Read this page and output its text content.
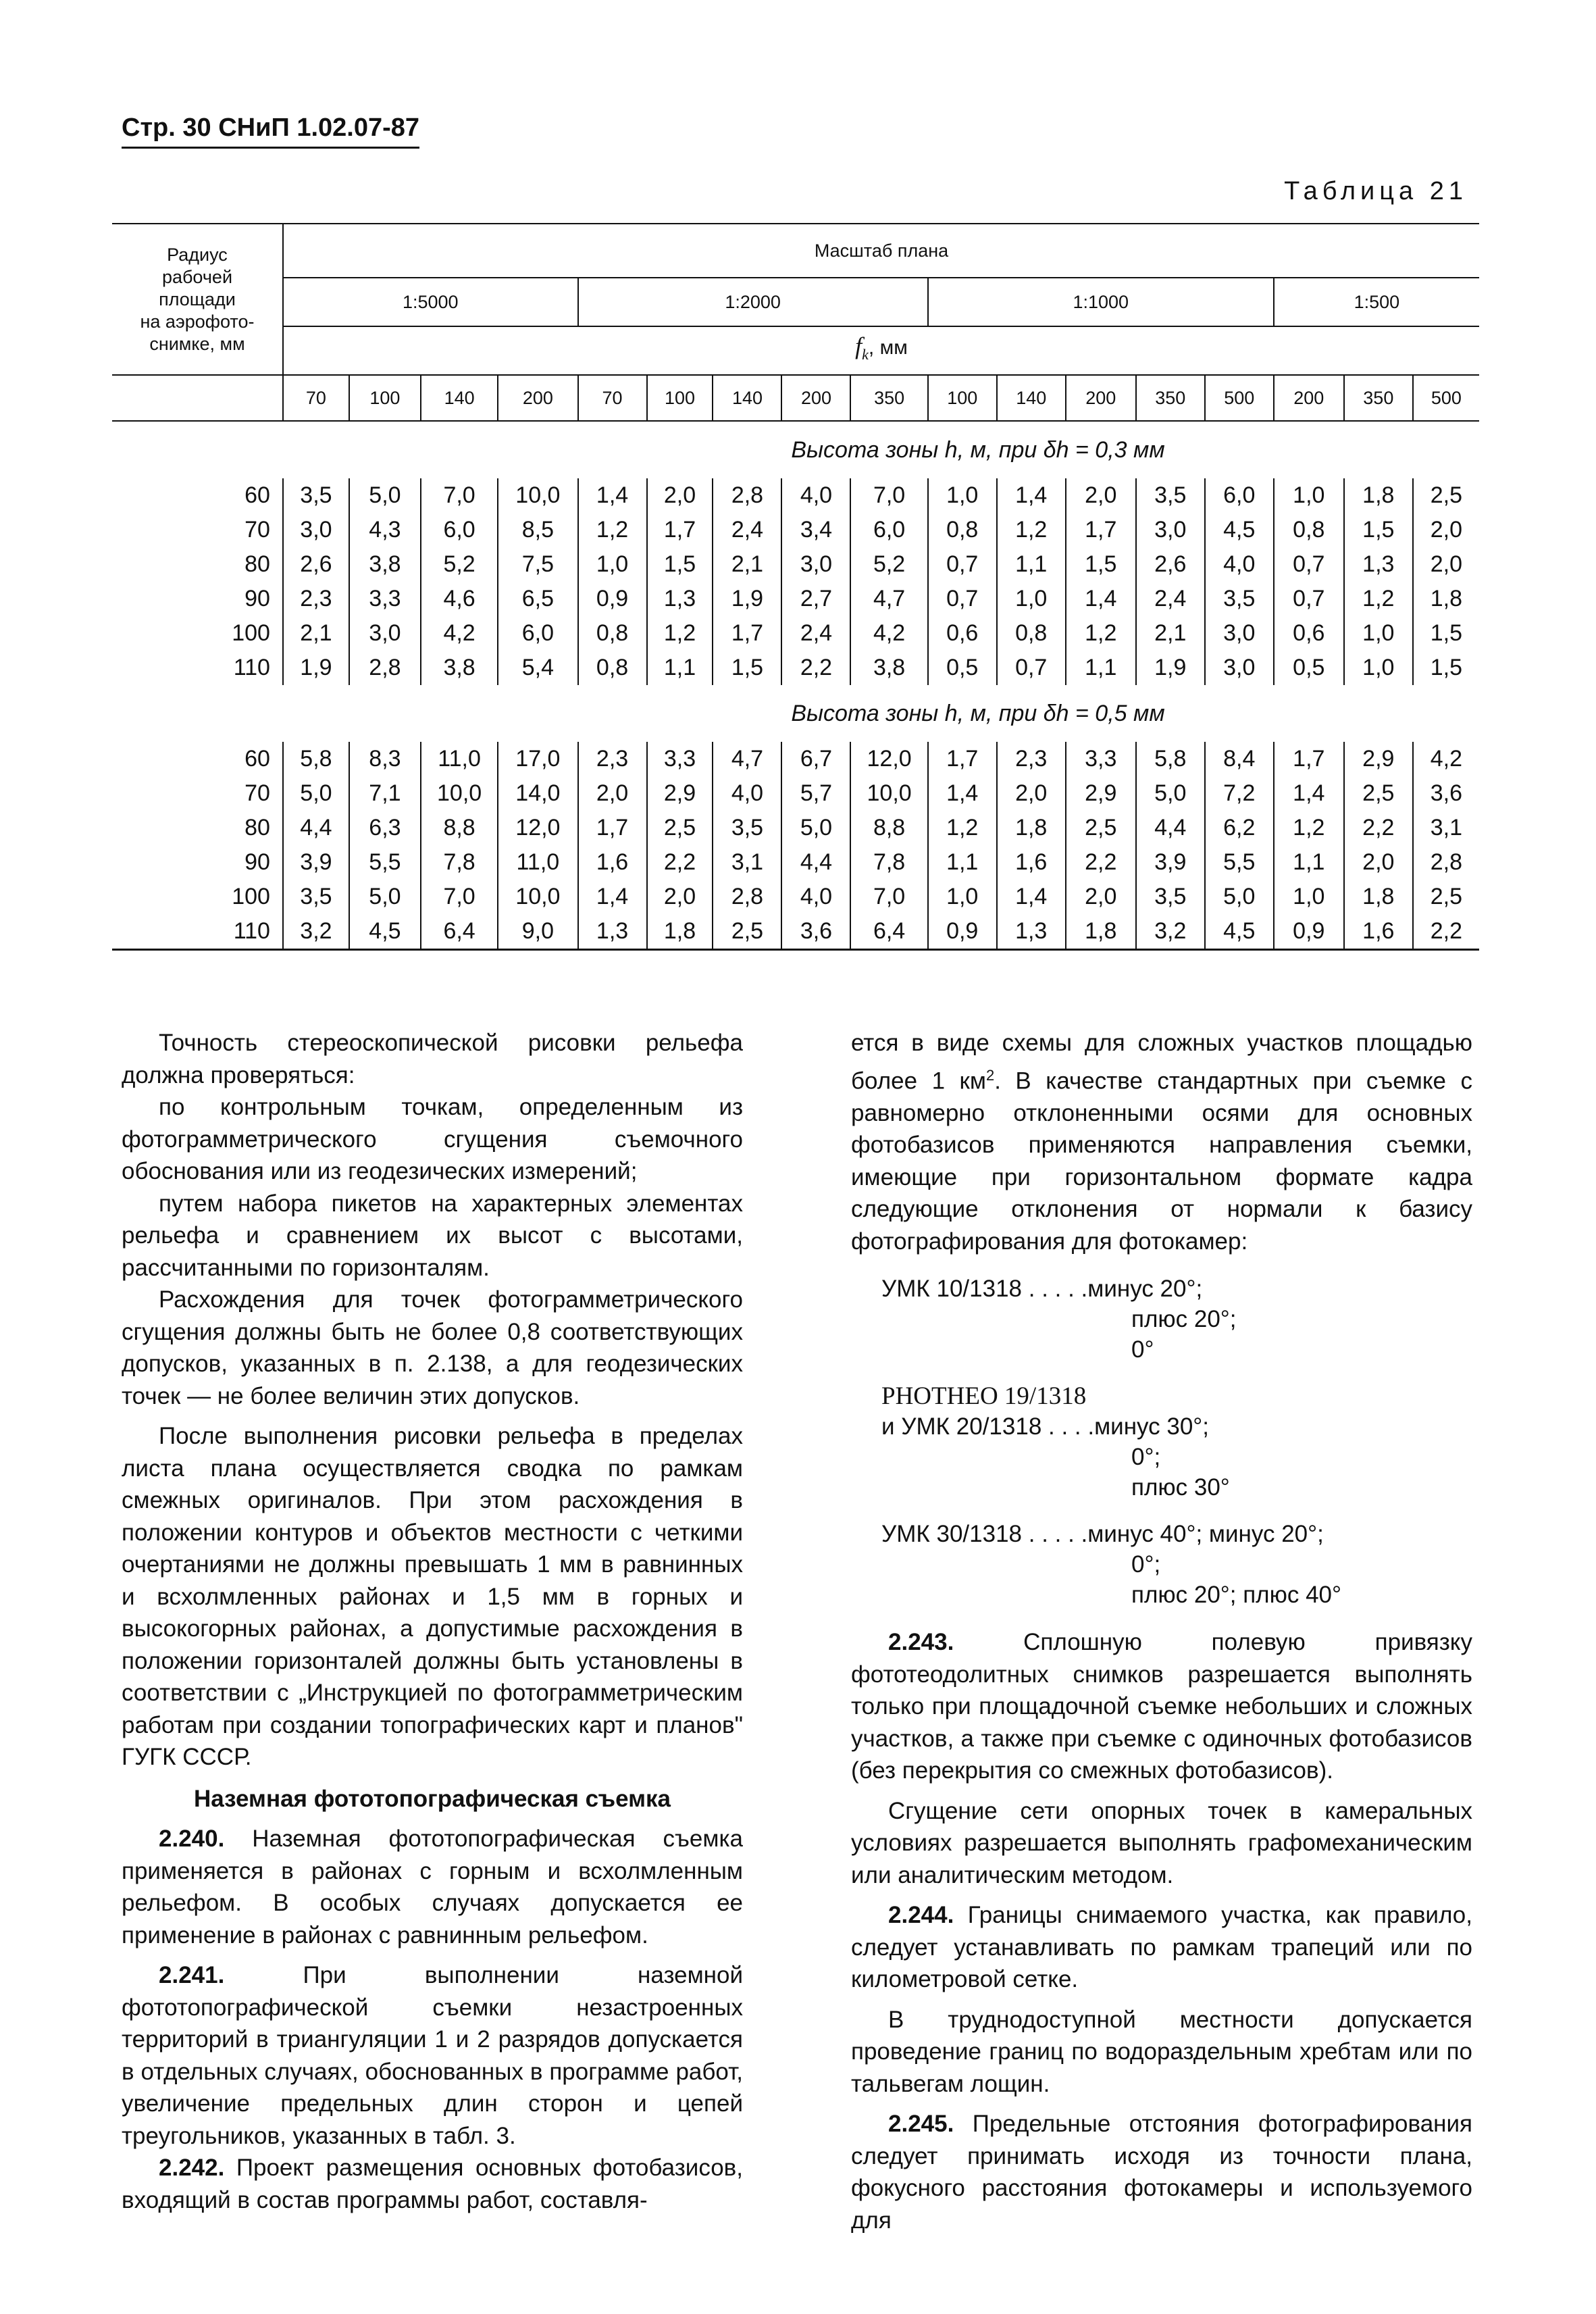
Стр. 30 СНиП 1.02.07-87
Таблица 21
Радиус
рабочей
площади
на аэрофото-
снимке, мм	Масштаб плана																
	1:5000				1:2000					1:1000					1:500		
	$f_k$, мм																
	70	100	140	200	70	100	140	200	350	100	140	200	350	500	200	350	500
Высота зоны h, м, при δh = 0,3 мм																	
60	3,5	5,0	7,0	10,0	1,4	2,0	2,8	4,0	7,0	1,0	1,4	2,0	3,5	6,0	1,0	1,8	2,5
70	3,0	4,3	6,0	8,5	1,2	1,7	2,4	3,4	6,0	0,8	1,2	1,7	3,0	4,5	0,8	1,5	2,0
80	2,6	3,8	5,2	7,5	1,0	1,5	2,1	3,0	5,2	0,7	1,1	1,5	2,6	4,0	0,7	1,3	2,0
90	2,3	3,3	4,6	6,5	0,9	1,3	1,9	2,7	4,7	0,7	1,0	1,4	2,4	3,5	0,7	1,2	1,8
100	2,1	3,0	4,2	6,0	0,8	1,2	1,7	2,4	4,2	0,6	0,8	1,2	2,1	3,0	0,6	1,0	1,5
110	1,9	2,8	3,8	5,4	0,8	1,1	1,5	2,2	3,8	0,5	0,7	1,1	1,9	3,0	0,5	1,0	1,5
Высота зоны h, м, при δh = 0,5 мм																	
60	5,8	8,3	11,0	17,0	2,3	3,3	4,7	6,7	12,0	1,7	2,3	3,3	5,8	8,4	1,7	2,9	4,2
70	5,0	7,1	10,0	14,0	2,0	2,9	4,0	5,7	10,0	1,4	2,0	2,9	5,0	7,2	1,4	2,5	3,6
80	4,4	6,3	8,8	12,0	1,7	2,5	3,5	5,0	8,8	1,2	1,8	2,5	4,4	6,2	1,2	2,2	3,1
90	3,9	5,5	7,8	11,0	1,6	2,2	3,1	4,4	7,8	1,1	1,6	2,2	3,9	5,5	1,1	2,0	2,8
100	3,5	5,0	7,0	10,0	1,4	2,0	2,8	4,0	7,0	1,0	1,4	2,0	3,5	5,0	1,0	1,8	2,5
110	3,2	4,5	6,4	9,0	1,3	1,8	2,5	3,6	6,4	0,9	1,3	1,8	3,2	4,5	0,9	1,6	2,2

Точность стереоскопической рисовки рельефа должна проверяться:

по контрольным точкам, определенным из фотограмметрического сгущения съемочного обоснования или из геодезических измерений;

путем набора пикетов на характерных элементах рельефа и сравнением их высот с высотами, рассчитанными по горизонталям.

Расхождения для точек фотограмметрического сгущения должны быть не более 0,8 соответствующих допусков, указанных в п. 2.138, а для геодезических точек — не более величин этих допусков.

После выполнения рисовки рельефа в пределах листа плана осуществляется сводка по рамкам смежных оригиналов. При этом расхождения в положении контуров и объектов местности с четкими очертаниями не должны превышать 1 мм в равнинных и всхолмленных районах и 1,5 мм в горных и высокогорных районах, а допустимые расхождения в положении горизонталей должны быть установлены в соответствии с „Инструкцией по фотограмметрическим работам при создании топографических карт и планов" ГУГК СССР.

Наземная фототопографическая съемка

2.240. Наземная фототопографическая съемка применяется в районах с горным и всхолмленным рельефом. В особых случаях допускается ее применение в районах с равнинным рельефом.

2.241. При выполнении наземной фототопографической съемки незастроенных территорий в триангуляции 1 и 2 разрядов допускается в отдельных случаях, обоснованных в программе работ, увеличение предельных длин сторон и цепей треугольников, указанных в табл. 3.

2.242. Проект размещения основных фотобазисов, входящий в состав программы работ, составля-

ется в виде схемы для сложных участков площадью более 1 $км^2$. В качестве стандартных при съемке с равномерно отклоненными осями для основных фотобазисов применяются направления съемки, имеющие при горизонтальном формате кадра следующие отклонения от нормали к базису фотографирования для фотокамер:

УМК 10/1318 . . . . .минус 20°;
плюс 20°;
0°
PHOTHEO 19/1318
и УМК 20/1318 . . . .минус 30°;
0°;
плюс 30°
УМК 30/1318 . . . . .минус 40°; минус 20°;
0°;
плюс 20°; плюс 40°

2.243. Сплошную полевую привязку фототеодолитных снимков разрешается выполнять только при площадочной съемке небольших и сложных участков, а также при съемке с одиночных фотобазисов (без перекрытия со смежных фотобазисов).

Сгущение сети опорных точек в камеральных условиях разрешается выполнять графомеханическим или аналитическим методом.

2.244. Границы снимаемого участка, как правило, следует устанавливать по рамкам трапеций или по километровой сетке.

В труднодоступной местности допускается проведение границ по водораздельным хребтам или по тальвегам лощин.

2.245. Предельные отстояния фотографирования следует принимать исходя из точности плана, фокусного расстояния фотокамеры и используемого для
